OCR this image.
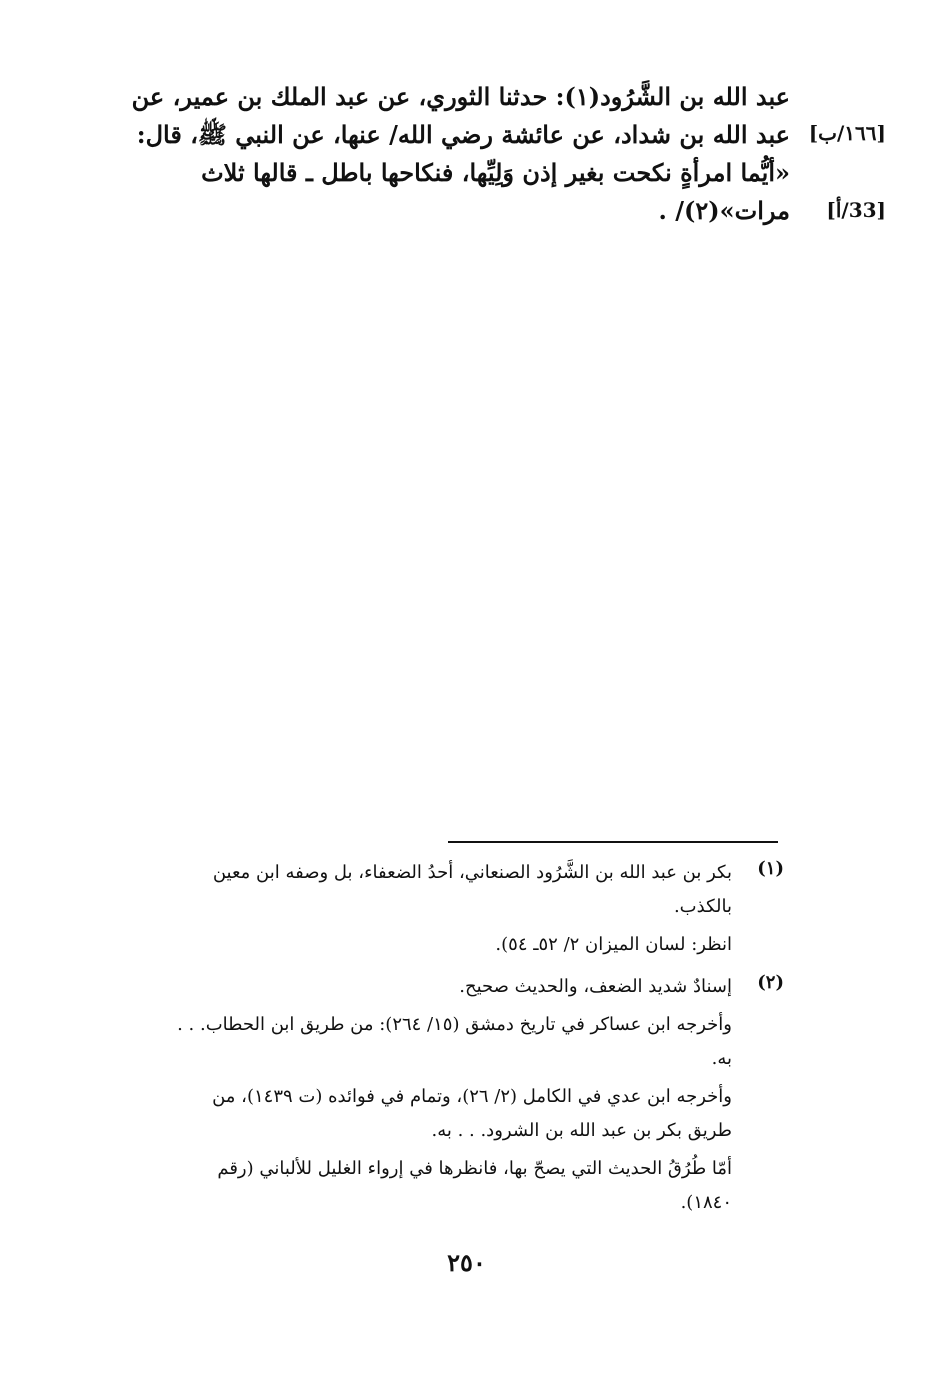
عبد الله بن الشَّرُود(١): حدثنا الثوري، عن عبد الملك بن عمير، عن
عبد الله بن شداد، عن عائشة رضي الله/ عنها، عن النبي ﷺ، قال:
«أيُّما امرأةٍ نكحت بغير إذن وَلِيِّها، فنكاحها باطل ـ قالها ثلاث
مرات»(٢)/ .
[١٦٦/ب]
[33/أ]
(١)
بكر بن عبد الله بن الشَّرُود الصنعاني، أحدُ الضعفاء، بل وصفه ابن معين
بالكذب.
انظر: لسان الميزان ٢/ ٥٢ـ ٥٤).
(٢)
إسنادٌ شديد الضعف، والحديث صحيح.
وأخرجه ابن عساكر في تاريخ دمشق (١٥/ ٢٦٤): من طريق ابن الحطاب. . .
به.
وأخرجه ابن عدي في الكامل (٢/ ٢٦)، وتمام في فوائده (ت ١٤٣٩)، من
طريق بكر بن عبد الله بن الشرود. . . به.
أمّا طُرُقُ الحديث التي يصحّ بها، فانظرها في إرواء الغليل للألباني (رقم
١٨٤٠).
٢٥٠
